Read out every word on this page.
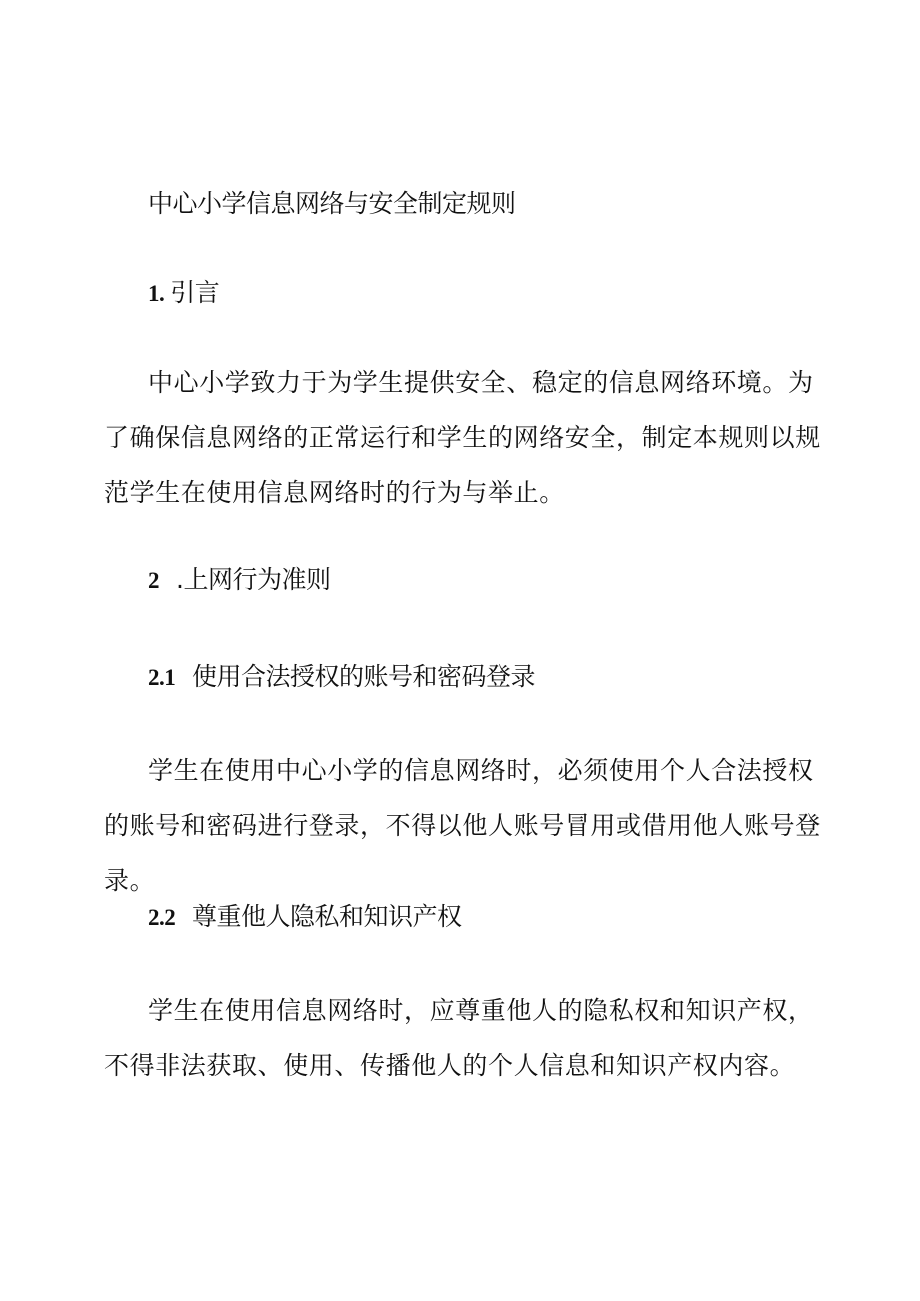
中心小学信息网络与安全制定规则
1. 引言

中心小学致力于为学生提供安全、稳定的信息网络环境。为了确保信息网络的正常运行和学生的网络安全，制定本规则以规范学生在使用信息网络时的行为与举止。

2 .上网行为准则
2.1 使用合法授权的账号和密码登录

学生在使用中心小学的信息网络时，必须使用个人合法授权的账号和密码进行登录，不得以他人账号冒用或借用他人账号登录。

2.2 尊重他人隐私和知识产权

学生在使用信息网络时，应尊重他人的隐私权和知识产权，不得非法获取、使用、传播他人的个人信息和知识产权内容。
